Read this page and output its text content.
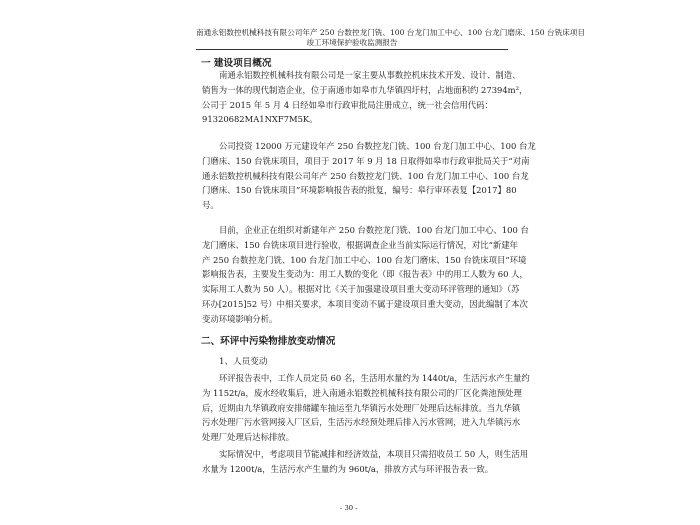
南通永铝数控机械科技有限公司年产 250 台数控龙门铣、100 台龙门加工中心、100 台龙门磨床、150 台铣床项目
竣工环境保护验收监测报告
一 建设项目概况
南通永铝数控机械科技有限公司是一家主要从事数控机床技术开发、设计、制造、
销售为一体的现代制造企业，位于南通市如皋市九华镇四圩村，占地面积约 27394m²，
公司于 2015 年 5 月 4 日经如皋市行政审批局注册成立，统一社会信用代码：
91320682MA1NXF7M5K。
公司投资 12000 万元建设年产 250 台数控龙门铣、100 台龙门加工中心、100 台龙
门磨床、150 台铣床项目，项目于 2017 年 9 月 18 日取得如皋市行政审批局关于“对南
通永铝数控机械科技有限公司年产 250 台数控龙门铣、100 台龙门加工中心、100 台龙
门磨床、150 台铣床项目”环境影响报告表的批复，编号：皋行审环表复【2017】80
号。
目前，企业正在组织对新建年产 250 台数控龙门铣、100 台龙门加工中心、100 台
龙门磨床、150 台铣床项目进行验收，根据调查企业当前实际运行情况，对比“新建年
产 250 台数控龙门铣、100 台龙门加工中心、100 台龙门磨床、150 台铣床项目”环境
影响报告表，主要发生变动为：用工人数的变化（即《报告表》中的用工人数为 60 人，
实际用工人数为 50 人）。根据对比《关于加强建设项目重大变动环评管理的通知》（苏
环办[2015]52 号）中相关要求，本项目变动不属于建设项目重大变动，因此编制了本次
变动环境影响分析。
二、环评中污染物排放变动情况
1、人员变动
环评报告表中，工作人员定员 60 名，生活用水量约为 1440t/a，生活污水产生量约
为 1152t/a，废水经收集后，进入南通永铝数控机械科技有限公司的厂区化粪池预处理
后，近期由九华镇政府安排储罐车抽运至九华镇污水处理厂处理后达标排放。当九华镇
污水处理厂污水管网接入厂区后，生活污水经预处理后排入污水管网，进入九华镇污水
处理厂处理后达标排放。
实际情况中，考虑项目节能减排和经济效益，本项目只需招收员工 50 人，则生活用
水量为 1200t/a，生活污水产生量约为 960t/a，排放方式与环评报告表一致。
- 30 -
